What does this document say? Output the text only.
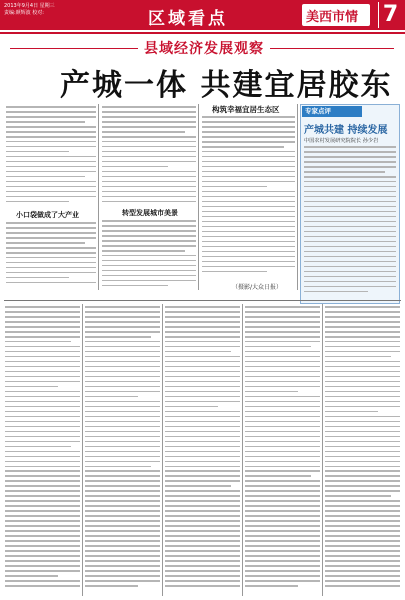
2013年9月4日 星期三
责编:颜辉波 校对:	区域看点	美西市情 7
县域经济发展观察
产城一体 共建宜居胶东
小口袋做成了大产业	转型发展城市美景
构筑幸福宜居生态区
（摄影/大众日报）
专家点评
产城共建 持续发展
中国农村发展研究院院长 孙少岩
